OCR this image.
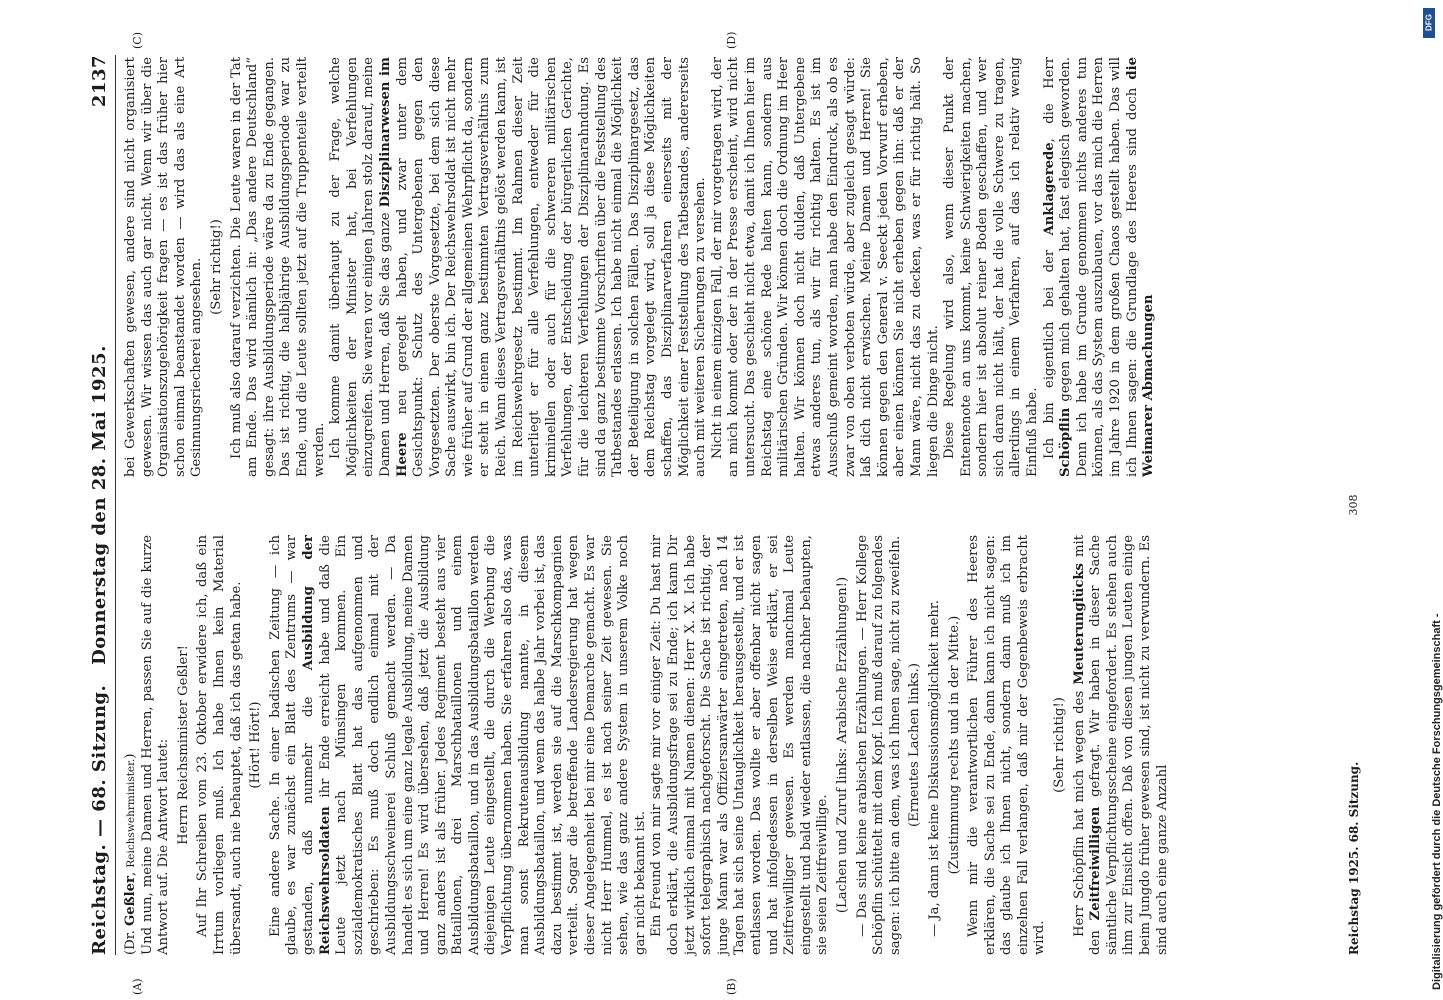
Reichstag. — 68. Sitzung.
Donnerstag den 28. Mai 1925.
2137
(A)	(B)
(C)	(D)

(Dr. Geßler, Reichswehrminister.) Und nun, meine Damen und Herren, passen Sie auf die kurze Antwort auf. Die Antwort lautet: Herrn Reichsminister Geßler! Auf Ihr Schreiben vom 23. Oktober erwidere ich, daß ein Irrtum vorliegen muß. Ich habe Ihnen kein Material übersandt, auch nie behauptet, daß ich das getan habe. (Hört! Hört!) Eine andere Sache. In einer badischen Zeitung — ich glaube, es war zunächst ein Blatt des Zentrums — war gestanden, daß nunmehr die Ausbildung der Reichswehrsoldaten ihr Ende erreicht habe und daß die Leute jetzt nach Münsingen kommen. Ein sozialdemokratisches Blatt hat das aufgenommen und geschrieben: Es muß doch endlich einmal mit der Ausbildungsschweinerei Schluß gemacht werden. — Da handelt es sich um eine ganz legale Ausbildung, meine Damen und Herren! Es wird übersehen, daß jetzt die Ausbildung ganz anders ist als früher. Jedes Regiment besteht aus vier Bataillonen, drei Marschbataillonen und einem Ausbildungsbataillon, und in das Ausbildungsbataillon werden diejenigen Leute eingestellt, die durch die Werbung die Verpflichtung übernommen haben. Sie erfahren also das, was man sonst Rekrutenausbildung nannte, in diesem Ausbildungsbataillon, und wenn das halbe Jahr vorbei ist, das dazu bestimmt ist, werden sie auf die Marschkompagnien verteilt. Sogar die betreffende Landesregierung hat wegen dieser Angelegenheit bei mir eine Demarche gemacht. Es war nicht Herr Hummel, es ist nach seiner Zeit gewesen. Sie sehen, wie das ganz andere System in unserem Volke noch gar nicht bekannt ist. Ein Freund von mir sagte mir vor einiger Zeit: Du hast mir doch erklärt, die Ausbildungsfrage sei zu Ende; ich kann Dir jetzt wirklich einmal mit Namen dienen: Herr X. X. Ich habe sofort telegraphisch nachgeforscht. Die Sache ist richtig, der junge Mann war als Offiziersanwärter eingetreten, nach 14 Tagen hat sich seine Untauglichkeit herausgestellt, und er ist entlassen worden. Das wollte er aber offenbar nicht sagen und hat infolgedessen in derselben Weise erklärt, er sei Zeitfreiwilliger gewesen. Es werden manchmal Leute eingestellt und bald wieder entlassen, die nachher behaupten, sie seien Zeitfreiwillige. (Lachen und Zuruf links: Arabische Erzählungen!) — Das sind keine arabischen Erzählungen. — Herr Kollege Schöpflin schüttelt mit dem Kopf. Ich muß darauf zu folgendes sagen: ich bitte an dem, was ich Ihnen sage, nicht zu zweifeln. (Erneutes Lachen links.) — Ja, dann ist keine Diskussionsmöglichkeit mehr. (Zustimmung rechts und in der Mitte.) Wenn mir die verantwortlichen Führer des Heeres erklären, die Sache sei zu Ende, dann kann ich nicht sagen: das glaube ich Ihnen nicht, sondern dann muß ich im einzelnen Fall verlangen, daß mir der Gegenbeweis erbracht wird.

(Sehr richtig!) Herr Schöpflin hat mich wegen des Meuterunglücks mit den Zeitfreiwilligen gefragt. Wir haben in dieser Sache sämtliche Verpflichtungsscheine eingefordert. Es stehen auch ihm zur Einsicht offen. Daß von diesen jungen Leuten einige beim Jungdo früher gewesen sind, ist nicht zu verwundern. Es sind auch eine ganze Anzahl

bei Gewerkschaften gewesen, andere sind nicht organisiert gewesen. Wir wissen das auch gar nicht. Wenn wir über die Organisationszugehörigkeit fragen — es ist das früher hier schon einmal beanstandet worden — wird das als eine Art Gesinnungsriecherei angesehen. (Sehr richtig!) Ich muß also darauf verzichten. Die Leute waren in der Tat am Ende. Das wird nämlich in: „Das andere Deutschland“ gesagt: ihre Ausbildungsperiode wäre da zu Ende gegangen. Das ist richtig, die halbjährige Ausbildungsperiode war zu Ende, und die Leute sollten jetzt auf die Truppenteile verteilt werden. Ich komme damit überhaupt zu der Frage, welche Möglichkeiten der Minister hat, bei Verfehlungen einzugreifen. Sie waren vor einigen Jahren stolz darauf, meine Damen und Herren, daß Sie das ganze Disziplinarwesen im Heere neu geregelt haben, und zwar unter dem Gesichtspunkt: Schutz des Untergebenen gegen den Vorgesetzten. Der oberste Vorgesetzte, bei dem sich diese Sache auswirkt, bin ich. Der Reichswehrsoldat ist nicht mehr wie früher auf Grund der allgemeinen Wehrpflicht da, sondern er steht in einem ganz bestimmten Vertragsverhältnis zum Reich. Wann dieses Vertragsverhältnis gelöst werden kann, ist im Reichswehrgesetz bestimmt. Im Rahmen dieser Zeit unterliegt er für alle Verfehlungen, entweder für die kriminellen oder auch für die schwereren militärischen Verfehlungen, der Entscheidung der bürgerlichen Gerichte, für die leichteren Verfehlungen der Disziplinarahndung. Es sind da ganz bestimmte Vorschriften über die Feststellung des Tatbestandes erlassen. Ich habe nicht einmal die Möglichkeit der Beteiligung in solchen Fällen. Das Disziplinargesetz, das dem Reichstag vorgelegt wird, soll ja diese Möglichkeiten schaffen, das Disziplinarverfahren einerseits mit der Möglichkeit einer Feststellung des Tatbestandes, andererseits auch mit weiteren Sicherungen zu versehen. Nicht in einem einzigen Fall, der mir vorgetragen wird, der an mich kommt oder der in der Presse erscheint, wird nicht untersucht. Das geschieht nicht etwa, damit ich Ihnen hier im Reichstag eine schöne Rede halten kann, sondern aus militärischen Gründen. Wir können doch die Ordnung im Heer halten. Wir können doch nicht dulden, daß Untergebene etwas anderes tun, als wir für richtig halten. Es ist im Ausschuß gemeint worden, man habe den Eindruck, als ob es zwar von oben verboten würde, aber zugleich gesagt würde: laß dich nicht erwischen. Meine Damen und Herren! Sie können gegen den General v. Seeckt jeden Vorwurf erheben, aber einen können Sie nicht erheben gegen ihn: daß er der Mann wäre, nicht das zu decken, was er für richtig hält. So liegen die Dinge nicht. Diese Regelung wird also, wenn dieser Punkt der Ententenote an uns kommt, keine Schwierigkeiten machen, sondern hier ist absolut reiner Boden geschaffen, und wer sich daran nicht hält, der hat die volle Schwere zu tragen, allerdings in einem Verfahren, auf das ich relativ wenig Einfluß habe. Ich bin eigentlich bei der Anklagerede, die Herr Schöpflin gegen mich gehalten hat, fast elegisch geworden. Denn ich habe im Grunde genommen nichts anderes tun können, als das System auszubauen, vor das mich die Herren im Jahre 1920 in dem großen Chaos gestellt haben. Das will ich Ihnen sagen: die Grundlage des Heeres sind doch die Weimarer Abmachungen

Reichstag 1925. 68. Sitzung.
308
Digitalisierung gefördert durch die Deutsche Forschungsgemeinschaft -
DFG
